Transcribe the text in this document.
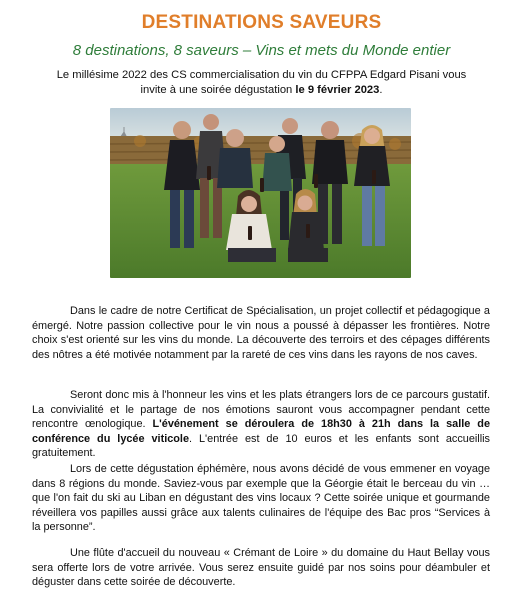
DESTINATIONS SAVEURS
8 destinations, 8 saveurs – Vins et mets du Monde entier
Le millésime 2022 des CS commercialisation du vin du CFPPA Edgard Pisani vous
invite à une soirée dégustation le 9 février 2023.
Dans le cadre de notre Certificat de Spécialisation, un projet collectif et pédagogique a émergé. Notre passion collective pour le vin nous a poussé à dépasser les frontières. Notre choix s'est orienté sur les vins du monde. La découverte des terroirs et des cépages différents des nôtres a été motivée notamment par la rareté de ces vins dans les rayons de nos caves.
Seront donc mis à l'honneur les vins et les plats étrangers lors de ce parcours gustatif. La convivialité et le partage de nos émotions sauront vous accompagner pendant cette rencontre œnologique. L'événement se déroulera de 18h30 à 21h dans la salle de conférence du lycée viticole. L'entrée est de 10 euros et les enfants sont accueillis gratuitement.
Lors de cette dégustation éphémère, nous avons décidé de vous emmener en voyage dans 8 régions du monde. Saviez-vous par exemple que la Géorgie était le berceau du vin … que l'on fait du ski au Liban en dégustant des vins locaux ? Cette soirée unique et gourmande réveillera vos papilles aussi grâce aux talents culinaires de l'équipe des Bac pros “Services à la personne”.
Une flûte d'accueil du nouveau « Crémant de Loire » du domaine du Haut Bellay vous sera offerte lors de votre arrivée. Vous serez ensuite guidé par nos soins pour déambuler et déguster dans cette soirée de découverte.
